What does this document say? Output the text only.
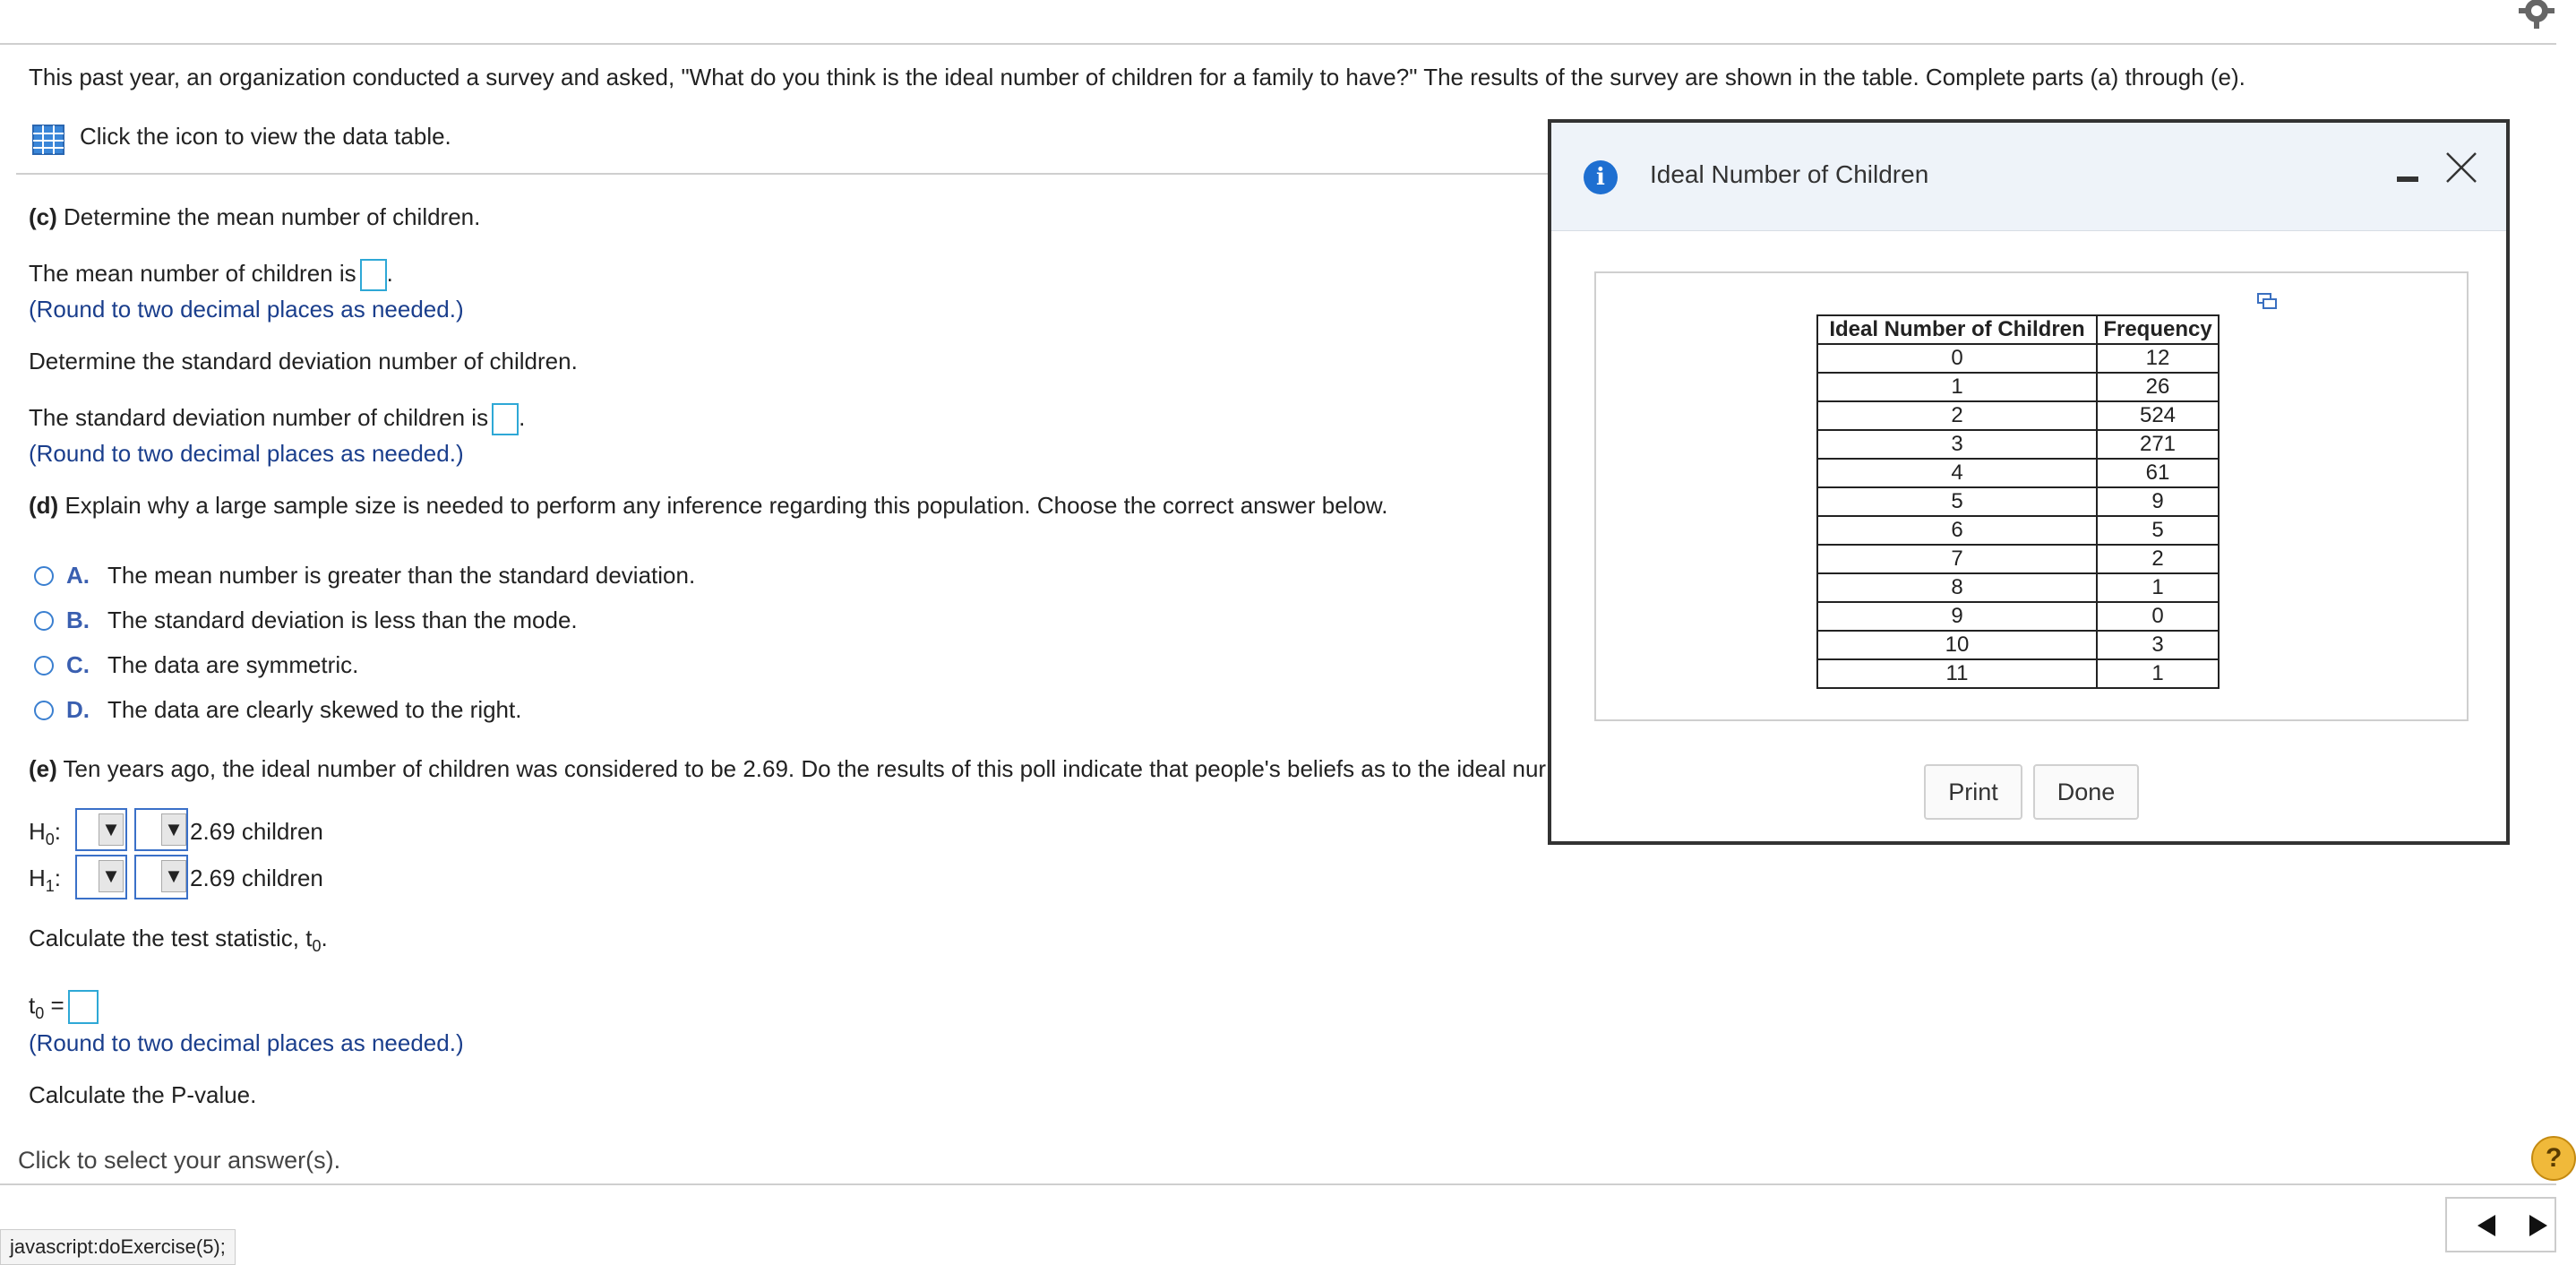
This past year, an organization conducted a survey and asked, "What do you think is the ideal number of children for a family to have?" The results of the survey are shown in the table. Complete parts (a) through (e).
Click the icon to view the data table.
(c) Determine the mean number of children.
The mean number of children is .
(Round to two decimal places as needed.)
Determine the standard deviation number of children.
The standard deviation number of children is .
(Round to two decimal places as needed.)
(d) Explain why a large sample size is needed to perform any inference regarding this population. Choose the correct answer below.
A. The mean number is greater than the standard deviation.
B. The standard deviation is less than the mode.
C. The data are symmetric.
D. The data are clearly skewed to the right.
(e) Ten years ago, the ideal number of children was considered to be 2.69. Do the results of this poll indicate that people's beliefs as to the ideal nur
$H_0$: ▼ ▼ 2.69 children
$H_1$: ▼ ▼ 2.69 children
Calculate the test statistic, $t_0$.
$t_0$ =
(Round to two decimal places as needed.)
Calculate the P-value.
Click to select your answer(s).	?
javascript:doExercise(5);
i	Ideal Number of Children
Ideal Number of Children	Frequency
0	12
1	26
2	524
3	271
4	61
5	9
6	5
7	2
8	1
9	0
10	3
11	1
Print	Done
